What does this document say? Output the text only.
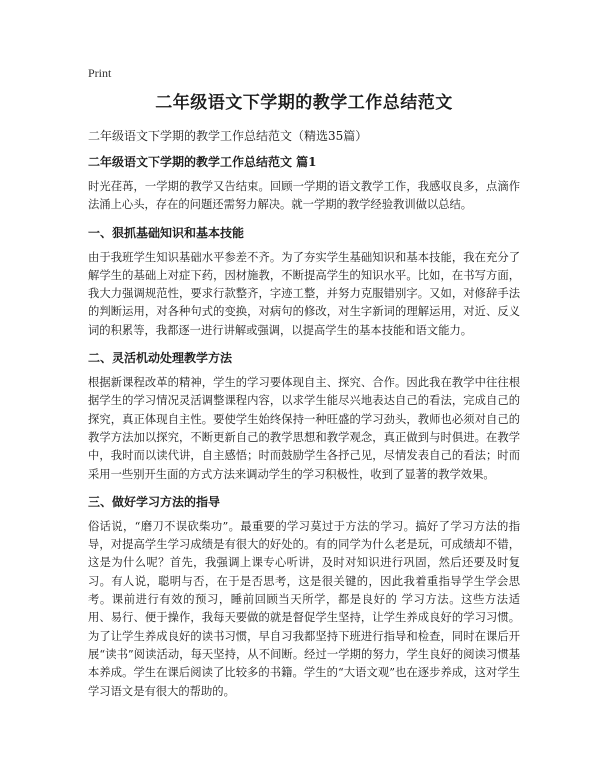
Print
二年级语文下学期的教学工作总结范文
二年级语文下学期的教学工作总结范文（精选35篇）
二年级语文下学期的教学工作总结范文 篇1

时光荏苒，一学期的教学又告结束。回顾一学期的语文教学工作，我感収良多，点滴作法涌上心头，存在的问题还需努力解决。就一学期的教学经验教训做以总结。

一、狠抓基础知识和基本技能

由于我班学生知识基础水平参差不齐。为了夯实学生基础知识和基本技能，我在充分了解学生的基础上对症下药，因材施教，不断提高学生的知识水平。比如，在书写方面，我大力强调规范性，要求行款整齐，字迹工整，并努力克服错别字。又如，对修辞手法的判断运用，对各种句式的变换，对病句的修改，对生字新词的理解运用，对近、反义词的积累等，我都逐一进行讲解或强调，以提高学生的基本技能和语文能力。

二、灵活机动处理教学方法

根据新课程改革的精神，学生的学习要体现自主、探究、合作。因此我在教学中往往根据学生的学习情况灵活调整课程内容，以求学生能尽兴地表达自己的看法，完成自己的探究，真正体现自主性。要使学生始终保持一种旺盛的学习劲头，教师也必须对自己的教学方法加以探究，不断更新自己的教学思想和教学观念，真正做到与时俱进。在教学中，我时而以读代讲，自主感悟；时而鼓励学生各抒己见，尽情发表自己的看法；时而采用一些别开生面的方式方法来调动学生的学习积极性，收到了显著的教学效果。

三、做好学习方法的指导

俗话说，“磨刀不误砍柴功”。最重要的学习莫过于方法的学习。搞好了学习方法的指导，对提高学生学习成绩是有很大的好处的。有的同学为什么老是玩，可成绩却不错，这是为什么呢？首先，我强调上课专心听讲，及时对知识进行巩固，然后还要及时复习。有人说，聪明与否，在于是否思考，这是很关键的，因此我着重指导学生学会思考。课前进行有效的预习，睡前回顾当天所学，都是良好的 学习方法。这些方法适用、易行、便于操作，我每天要做的就是督促学生坚持，让学生养成良好的学习习惯。为了让学生养成良好的读书习惯，早自习我都坚持下班进行指导和检查，同时在课后开展“读书”阅读活动，每天坚持，从不间断。经过一学期的努力，学生良好的阅读习惯基本养成。学生在课后阅读了比较多的书籍。学生的“大语文观”也在逐步养成，这对学生学习语文是有很大的帮助的。
